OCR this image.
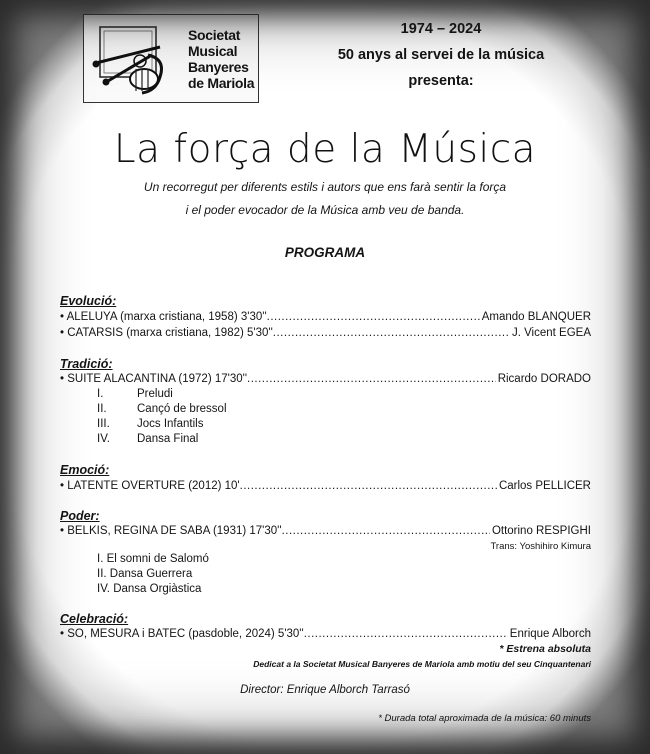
Societat
Musical
Banyeres
de Mariola
1974 – 2024
50 anys al servei de la música
presenta:
La força de la Música
Un recorregut per diferents estils i autors que ens farà sentir la força
i el poder evocador de la Música amb veu de banda.
PROGRAMA
Evolució:
• ALELUYA (marxa cristiana, 1958) 3'30'' .....	Amando BLANQUER
• CATARSIS (marxa cristiana, 1982) 5'30'' .....	J. Vicent EGEA
Tradició:
• SUITE ALACANTINA (1972) 17'30'' .....	Ricardo DORADO
I.	Preludi
II.	Cançó de bressol
III. Jocs Infantils
IV. Dansa Final
Emoció:
• LATENTE OVERTURE (2012) 10' .....	Carlos PELLICER
Poder:
• BELKIS, REGINA DE SABA (1931) 17'30'' .....	Ottorino RESPIGHI
Trans: Yoshihiro Kimura
I. El somni de Salomó
II. Dansa Guerrera
IV. Dansa Orgiàstica
Celebració:
• SO, MESURA i BATEC (pasdoble, 2024) 5'30'' .....	Enrique Alborch
* Estrena absoluta
Dedicat a la Societat Musical Banyeres de Mariola amb motiu del seu Cinquantenari
Director: Enrique Alborch Tarrasó
* Durada total aproximada de la música: 60 minuts
